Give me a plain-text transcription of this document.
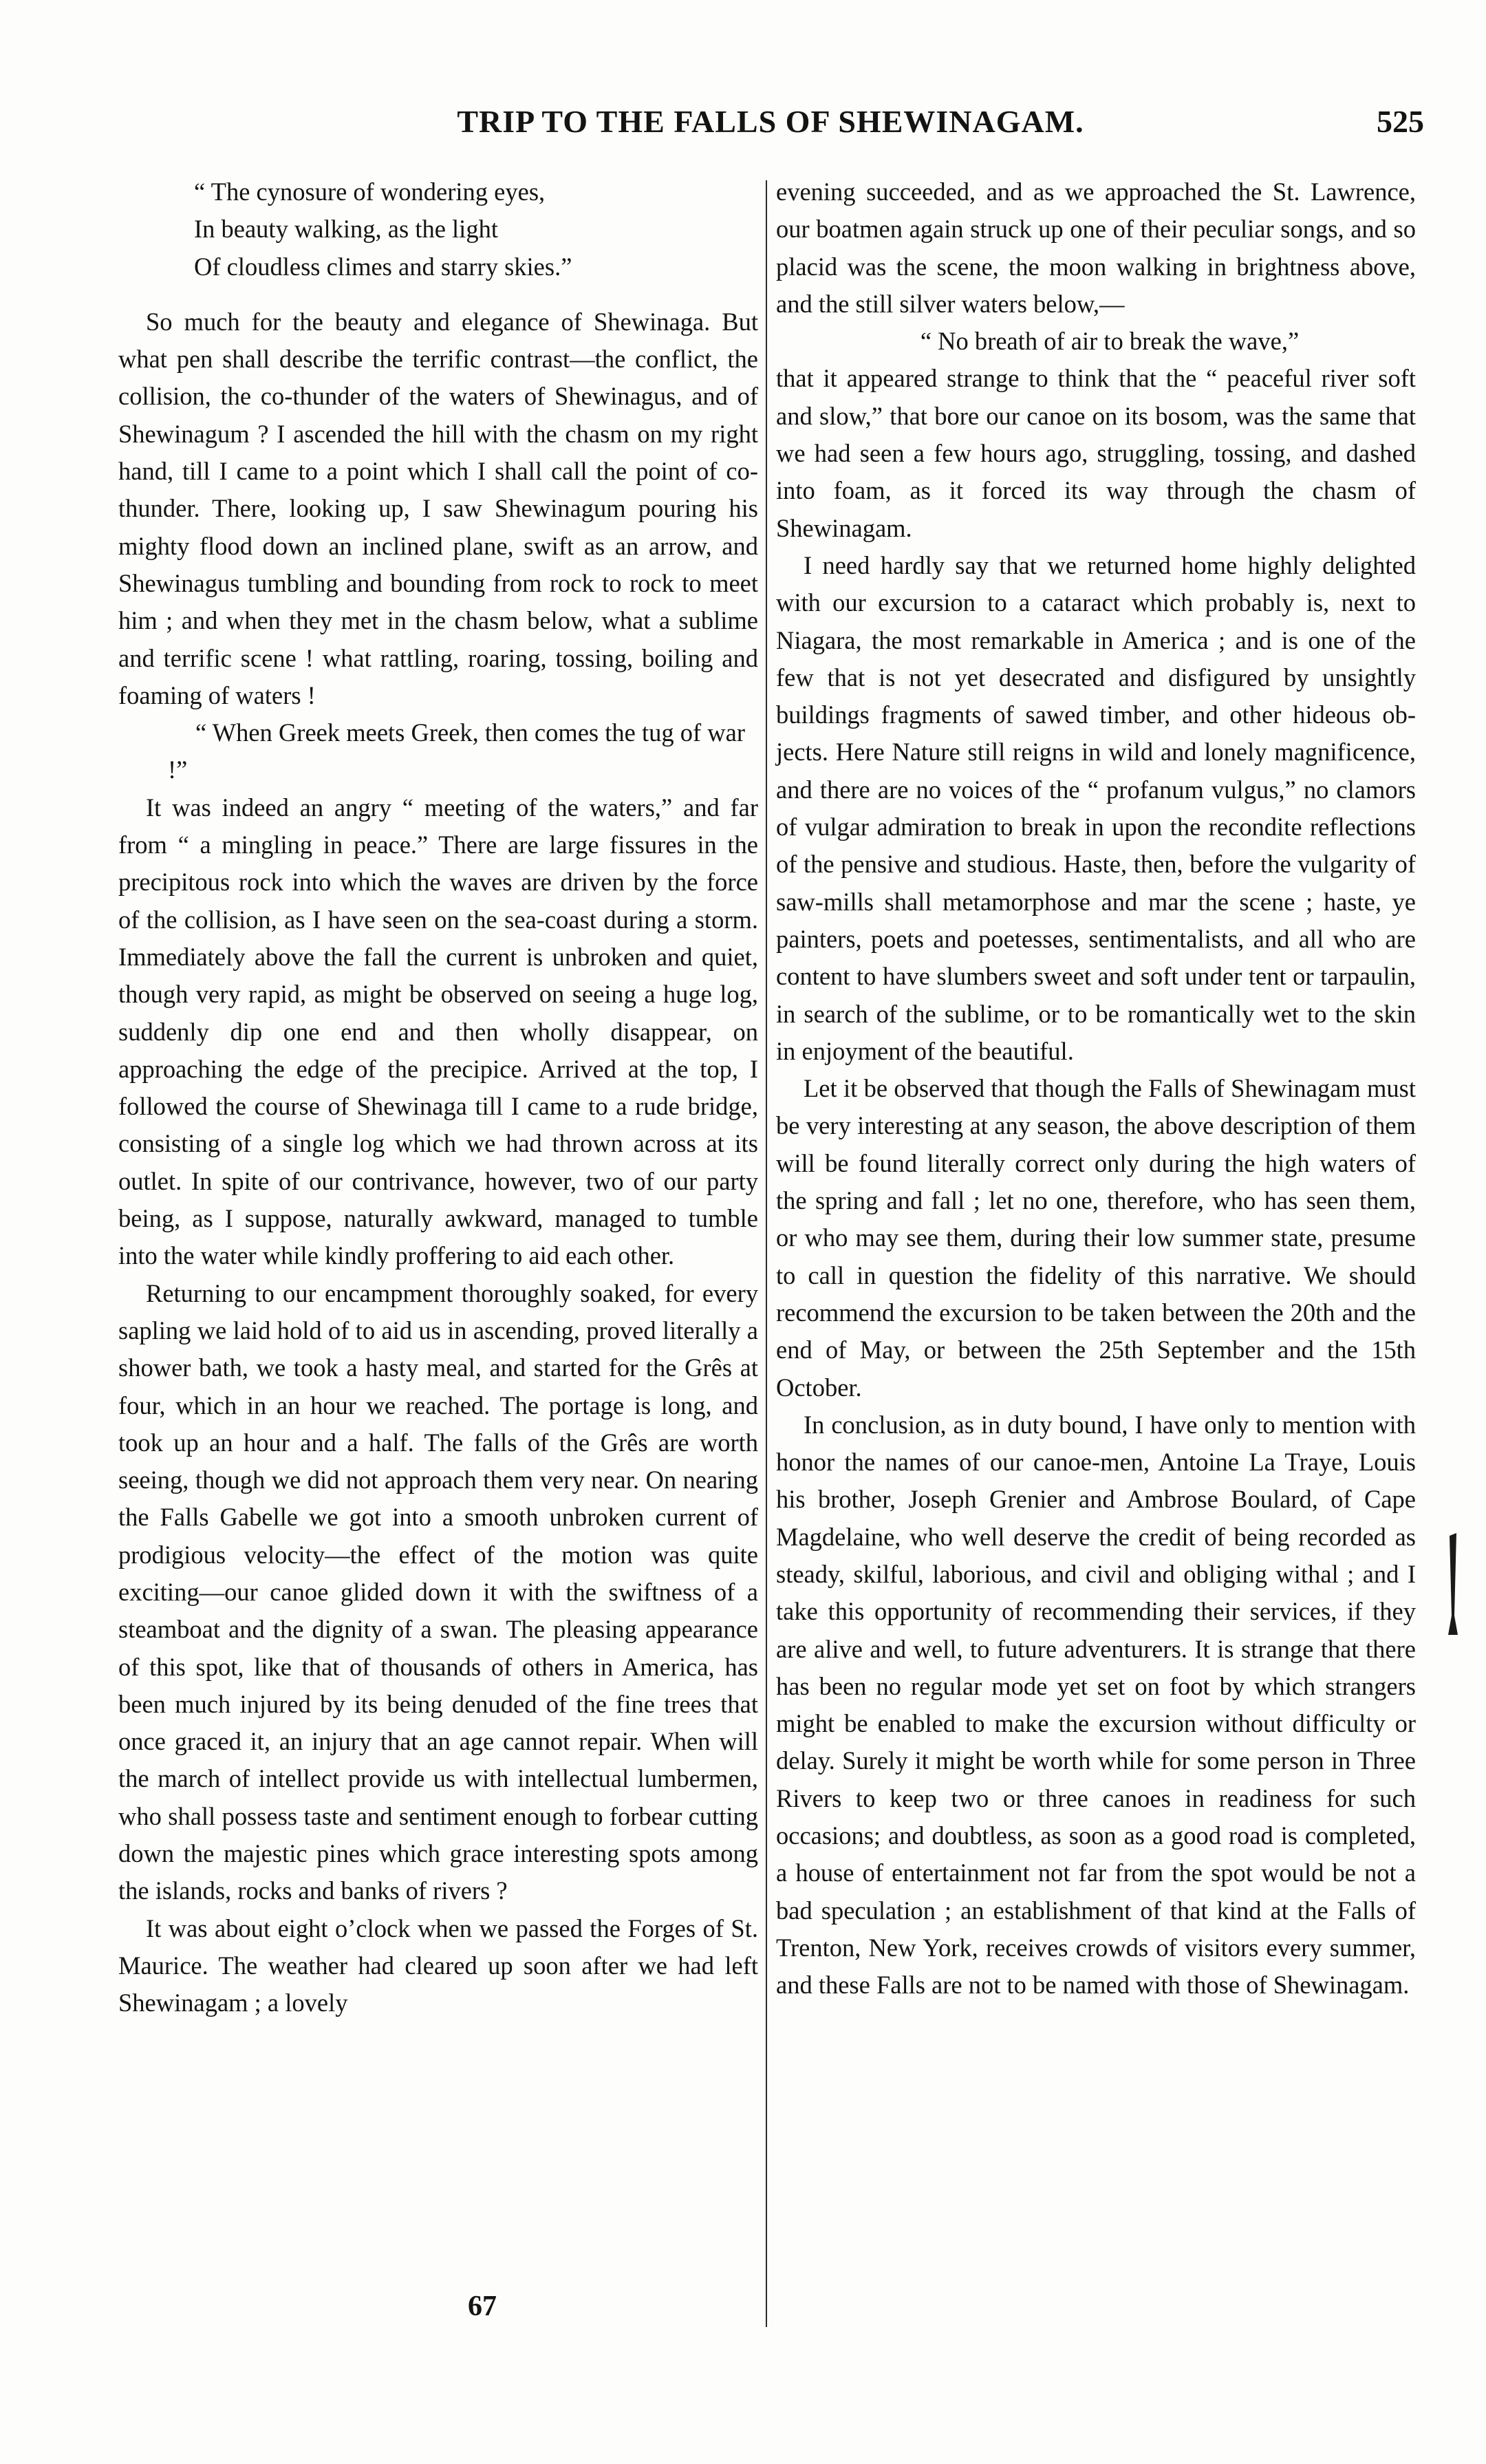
TRIP TO THE FALLS OF SHEWINAGAM.	525
“ The cynosure of wondering eyes,
In beauty walking, as the light
Of cloudless climes and starry skies.”

So much for the beauty and elegance of Shewinaga. But what pen shall describe the terrific contrast—the conflict, the collision, the co-thunder of the waters of Shewinagus, and of Shewinagum ? I ascended the hill with the chasm on my right hand, till I came to a point which I shall call the point of co-thunder. There, looking up, I saw Shewinagum pouring his mighty flood down an inclined plane, swift as an arrow, and Shewinagus tumbling and bounding from rock to rock to meet him ; and when they met in the chasm below, what a sublime and terrific scene ! what rattling, roaring, tossing, boiling and foaming of waters !

“ When Greek meets Greek, then comes the tug of war !”

It was indeed an angry “ meeting of the waters,” and far from “ a mingling in peace.” There are large fissures in the precipitous rock into which the waves are driven by the force of the collision, as I have seen on the sea-coast during a storm. Immediately above the fall the current is unbroken and quiet, though very rapid, as might be observed on seeing a huge log, suddenly dip one end and then wholly disappear, on approaching the edge of the precipice. Arrived at the top, I followed the course of Shewinaga till I came to a rude bridge, consisting of a single log which we had thrown across at its outlet. In spite of our contrivance, however, two of our party being, as I suppose, naturally awkward, managed to tumble into the water while kindly proffering to aid each other.

Returning to our encampment thoroughly soaked, for every sapling we laid hold of to aid us in ascending, proved literally a shower bath, we took a hasty meal, and started for the Grês at four, which in an hour we reached. The portage is long, and took up an hour and a half. The falls of the Grês are worth seeing, though we did not approach them very near. On nearing the Falls Gabelle we got into a smooth unbroken current of prodigious velocity—the effect of the motion was quite exciting—our canoe glided down it with the swiftness of a steamboat and the dignity of a swan. The pleasing appearance of this spot, like that of thousands of others in America, has been much injured by its being denuded of the fine trees that once graced it, an injury that an age cannot repair. When will the march of intellect provide us with intellectual lumbermen, who shall possess taste and sentiment enough to forbear cutting down the majestic pines which grace interesting spots among the islands, rocks and banks of rivers ?

It was about eight o’clock when we passed the Forges of St. Maurice. The weather had cleared up soon after we had left Shewinagam ; a lovely

evening succeeded, and as we approached the St. Lawrence, our boatmen again struck up one of their peculiar songs, and so placid was the scene, the moon walking in brightness above, and the still silver waters below,—

“ No breath of air to break the wave,”

that it appeared strange to think that the “ peaceful river soft and slow,” that bore our canoe on its bosom, was the same that we had seen a few hours ago, struggling, tossing, and dashed into foam, as it forced its way through the chasm of Shewinagam.

I need hardly say that we returned home highly delighted with our excursion to a cataract which probably is, next to Niagara, the most remarkable in America ; and is one of the few that is not yet desecrated and disfigured by unsightly buildings fragments of sawed timber, and other hideous objects. Here Nature still reigns in wild and lonely magnificence, and there are no voices of the “ profanum vulgus,” no clamors of vulgar admiration to break in upon the recondite reflections of the pensive and studious. Haste, then, before the vulgarity of saw-mills shall metamorphose and mar the scene ; haste, ye painters, poets and poetesses, sentimentalists, and all who are content to have slumbers sweet and soft under tent or tarpaulin, in search of the sublime, or to be romantically wet to the skin in enjoyment of the beautiful.

Let it be observed that though the Falls of Shewinagam must be very interesting at any season, the above description of them will be found literally correct only during the high waters of the spring and fall ; let no one, therefore, who has seen them, or who may see them, during their low summer state, presume to call in question the fidelity of this narrative. We should recommend the excursion to be taken between the 20th and the end of May, or between the 25th September and the 15th October.

In conclusion, as in duty bound, I have only to mention with honor the names of our canoe-men, Antoine La Traye, Louis his brother, Joseph Grenier and Ambrose Boulard, of Cape Magdelaine, who well deserve the credit of being recorded as steady, skilful, laborious, and civil and obliging withal ; and I take this opportunity of recommending their services, if they are alive and well, to future adventurers. It is strange that there has been no regular mode yet set on foot by which strangers might be enabled to make the excursion without difficulty or delay. Surely it might be worth while for some person in Three Rivers to keep two or three canoes in readiness for such occasions; and doubtless, as soon as a good road is completed, a house of entertainment not far from the spot would be not a bad speculation ; an establishment of that kind at the Falls of Trenton, New York, receives crowds of visitors every summer, and these Falls are not to be named with those of Shewinagam.

67
